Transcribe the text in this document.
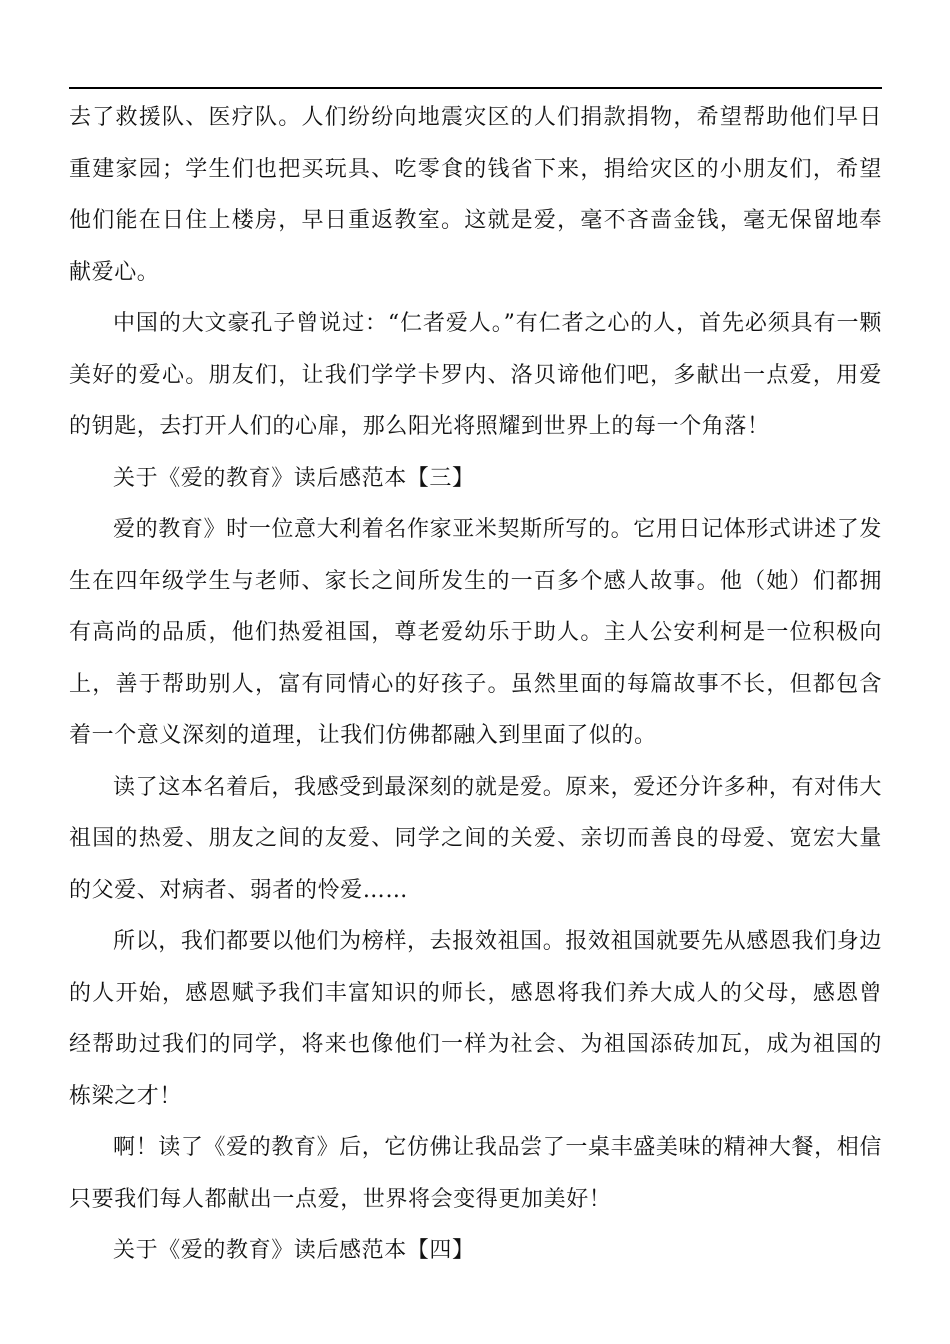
去了救援队、医疗队。人们纷纷向地震灾区的人们捐款捐物，希望帮助他们早日重建家园；学生们也把买玩具、吃零食的钱省下来，捐给灾区的小朋友们，希望他们能在日住上楼房，早日重返教室。这就是爱，毫不吝啬金钱，毫无保留地奉献爱心。

中国的大文豪孔子曾说过：“仁者爱人。”有仁者之心的人，首先必须具有一颗美好的爱心。朋友们，让我们学学卡罗内、洛贝谛他们吧，多献出一点爱，用爱的钥匙，去打开人们的心扉，那么阳光将照耀到世界上的每一个角落！

关于《爱的教育》读后感范本【三】

爱的教育》时一位意大利着名作家亚米契斯所写的。它用日记体形式讲述了发生在四年级学生与老师、家长之间所发生的一百多个感人故事。他（她）们都拥有高尚的品质，他们热爱祖国，尊老爱幼乐于助人。主人公安利柯是一位积极向上，善于帮助别人，富有同情心的好孩子。虽然里面的每篇故事不长，但都包含着一个意义深刻的道理，让我们仿佛都融入到里面了似的。

读了这本名着后，我感受到最深刻的就是爱。原来，爱还分许多种，有对伟大祖国的热爱、朋友之间的友爱、同学之间的关爱、亲切而善良的母爱、宽宏大量的父爱、对病者、弱者的怜爱……

所以，我们都要以他们为榜样，去报效祖国。报效祖国就要先从感恩我们身边的人开始，感恩赋予我们丰富知识的师长，感恩将我们养大成人的父母，感恩曾经帮助过我们的同学，将来也像他们一样为社会、为祖国添砖加瓦，成为祖国的栋梁之才！

啊！读了《爱的教育》后，它仿佛让我品尝了一桌丰盛美味的精神大餐，相信只要我们每人都献出一点爱，世界将会变得更加美好！

关于《爱的教育》读后感范本【四】
